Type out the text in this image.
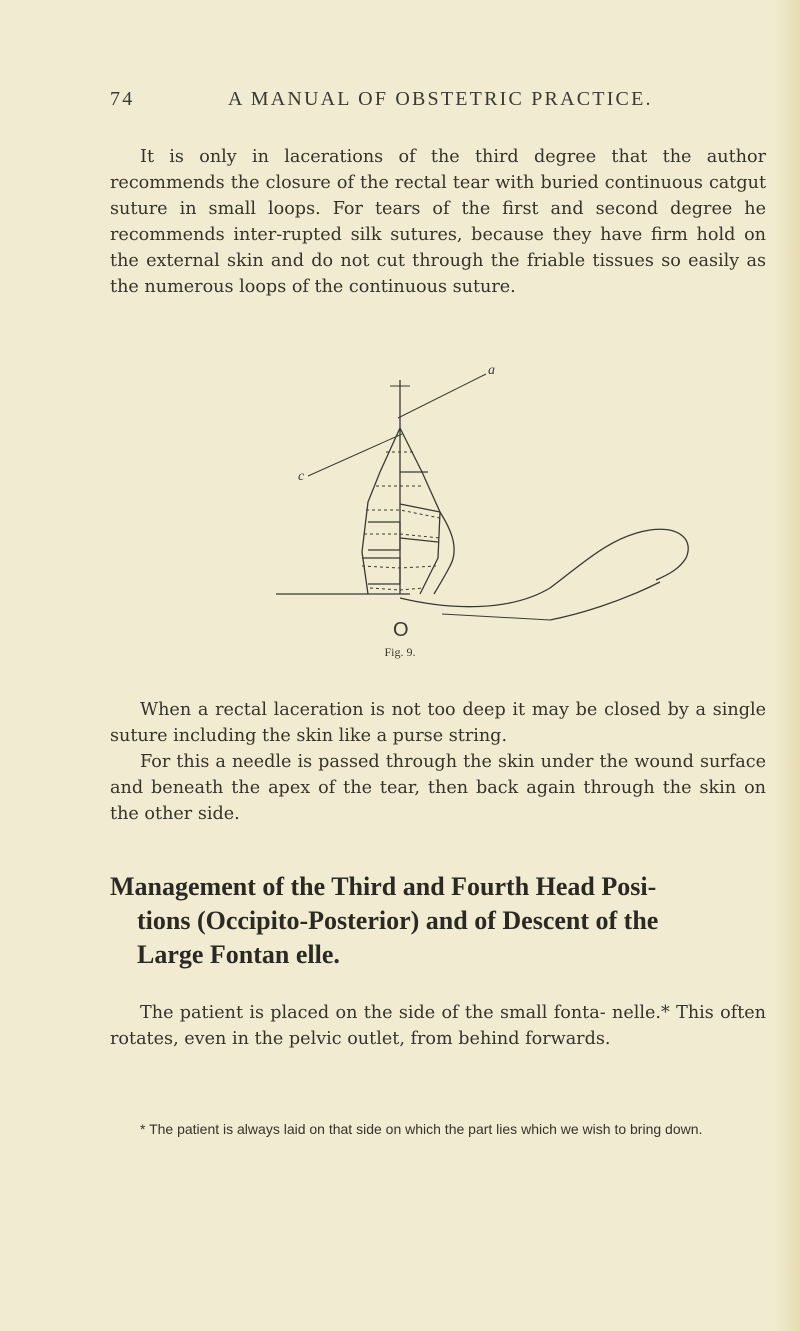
74	A MANUAL OF OBSTETRIC PRACTICE.

It is only in lacerations of the third degree that the author recommends the closure of the rectal tear with buried continuous catgut suture in small loops. For tears of the first and second degree he recommends inter-rupted silk sutures, because they have firm hold on the external skin and do not cut through the friable tissues so easily as the numerous loops of the continuous suture.

a
c
O
Fig. 9.

When a rectal laceration is not too deep it may be closed by a single suture including the skin like a purse string.

For this a needle is passed through the skin under the wound surface and beneath the apex of the tear, then back again through the skin on the other side.

Management of the Third and Fourth Head Posi-
tions (Occipito-Posterior) and of Descent of the
Large Fontan elle.

The patient is placed on the side of the small fonta- nelle.* This often rotates, even in the pelvic outlet, from behind forwards.

* The patient is always laid on that side on which the part lies which we wish to bring down.
